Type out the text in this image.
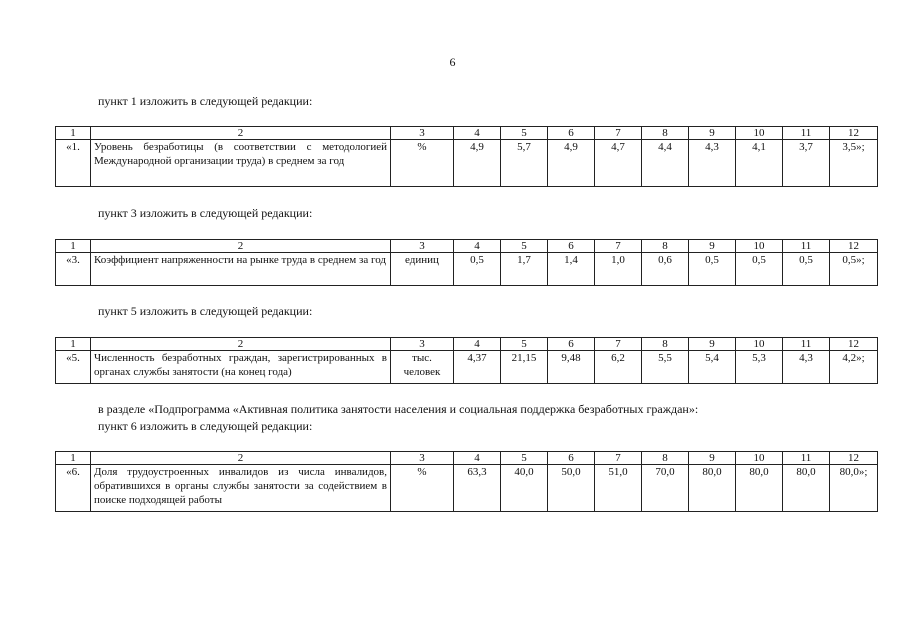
6
пункт 1 изложить в следующей редакции:
1	2	3	4	5	6	7	8	9	10	11	12
«1.	Уровень безработицы (в соответствии с методологией Международной организации труда) в среднем за год	%	4,9	5,7	4,9	4,7	4,4	4,3	4,1	3,7	3,5»;
пункт 3 изложить в следующей редакции:
1	2	3	4	5	6	7	8	9	10	11	12
«3.	Коэффициент напряженности на рынке труда в среднем за год	единиц	0,5	1,7	1,4	1,0	0,6	0,5	0,5	0,5	0,5»;
пункт 5 изложить в следующей редакции:
1	2	3	4	5	6	7	8	9	10	11	12
«5.	Численность безработных граждан, зарегистрированных в органах службы занятости (на конец года)	тыс. человек	4,37	21,15	9,48	6,2	5,5	5,4	5,3	4,3	4,2»;
в разделе «Подпрограмма «Активная политика занятости населения и социальная поддержка безработных граждан»:
пункт 6 изложить в следующей редакции:
1	2	3	4	5	6	7	8	9	10	11	12
«6.	Доля трудоустроенных инвалидов из числа инвалидов, обратившихся в органы службы занятости за содействием в поиске подходящей работы	%	63,3	40,0	50,0	51,0	70,0	80,0	80,0	80,0	80,0»;
